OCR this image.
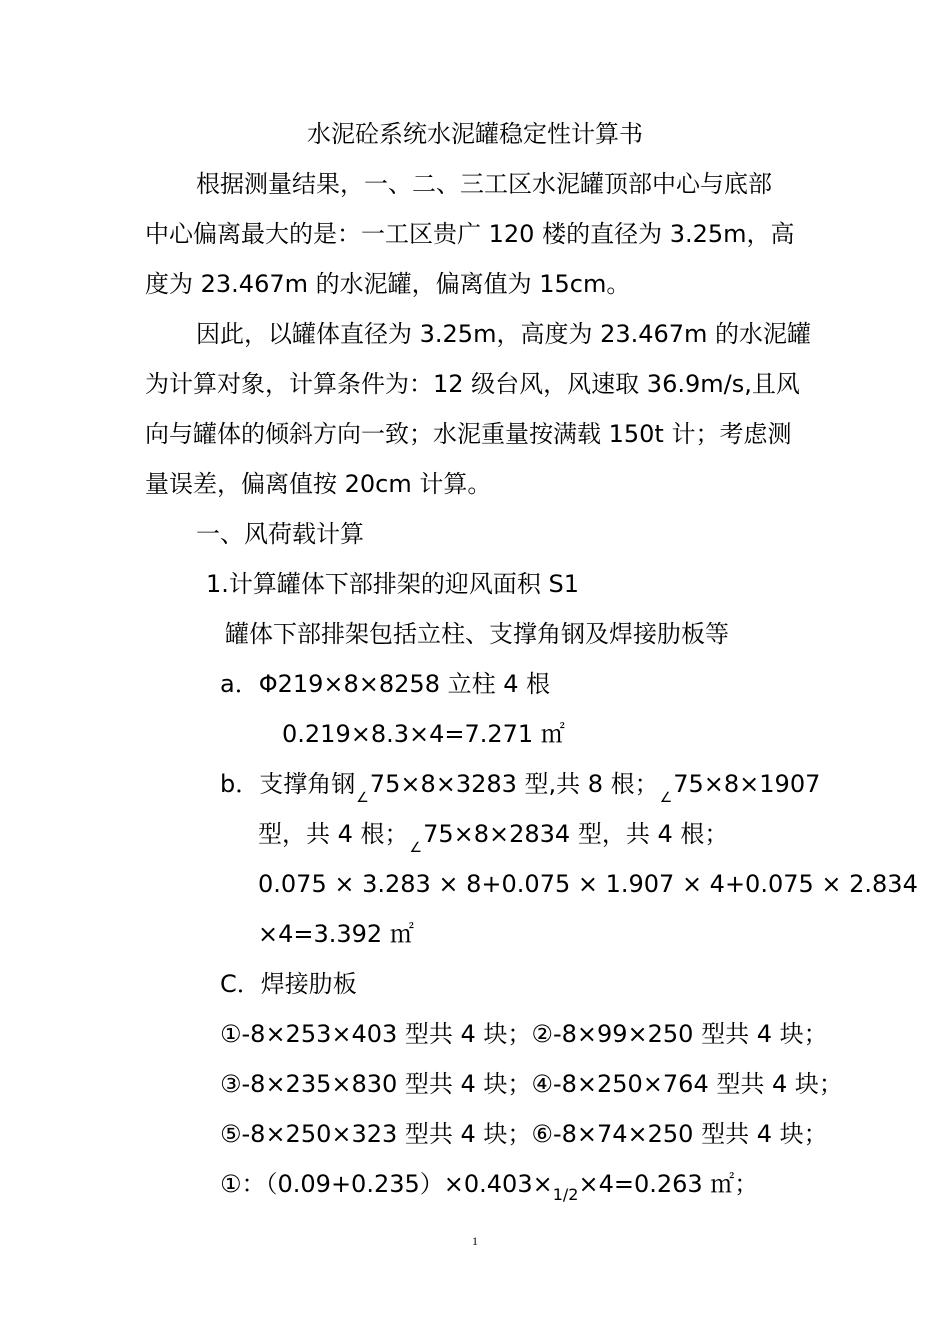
水泥砼系统水泥罐稳定性计算书
根据测量结果，一、二、三工区水泥罐顶部中心与底部
中心偏离最大的是：一工区贵广 120 楼的直径为 3.25m，高
度为 23.467m 的水泥罐，偏离值为 15cm。
因此，以罐体直径为 3.25m，高度为 23.467m 的水泥罐
为计算对象，计算条件为：12 级台风，风速取 36.9m/s,且风
向与罐体的倾斜方向一致；水泥重量按满载 150t 计；考虑测
量误差，偏离值按 20cm 计算。
一、风荷载计算
1.计算罐体下部排架的迎风面积 S1
罐体下部排架包括立柱、支撑角钢及焊接肋板等
a．Φ219×8×8258 立柱 4 根
0.219×8.3×4=7.271 ㎡
b．支撑角钢∠75×8×3283 型,共 8 根；∠75×8×1907
型，共 4 根；∠75×8×2834 型，共 4 根；
0.075 × 3.283 × 8+0.075 × 1.907 × 4+0.075 × 2.834
×4=3.392 ㎡
C．焊接肋板
①-8×253×403 型共 4 块；②-8×99×250 型共 4 块；
③-8×235×830 型共 4 块；④-8×250×764 型共 4 块；
⑤-8×250×323 型共 4 块；⑥-8×74×250 型共 4 块；
①：$(0.09+0.235)\times 0.403\times_{1/2}\times 4=0.263$ ㎡；
1
